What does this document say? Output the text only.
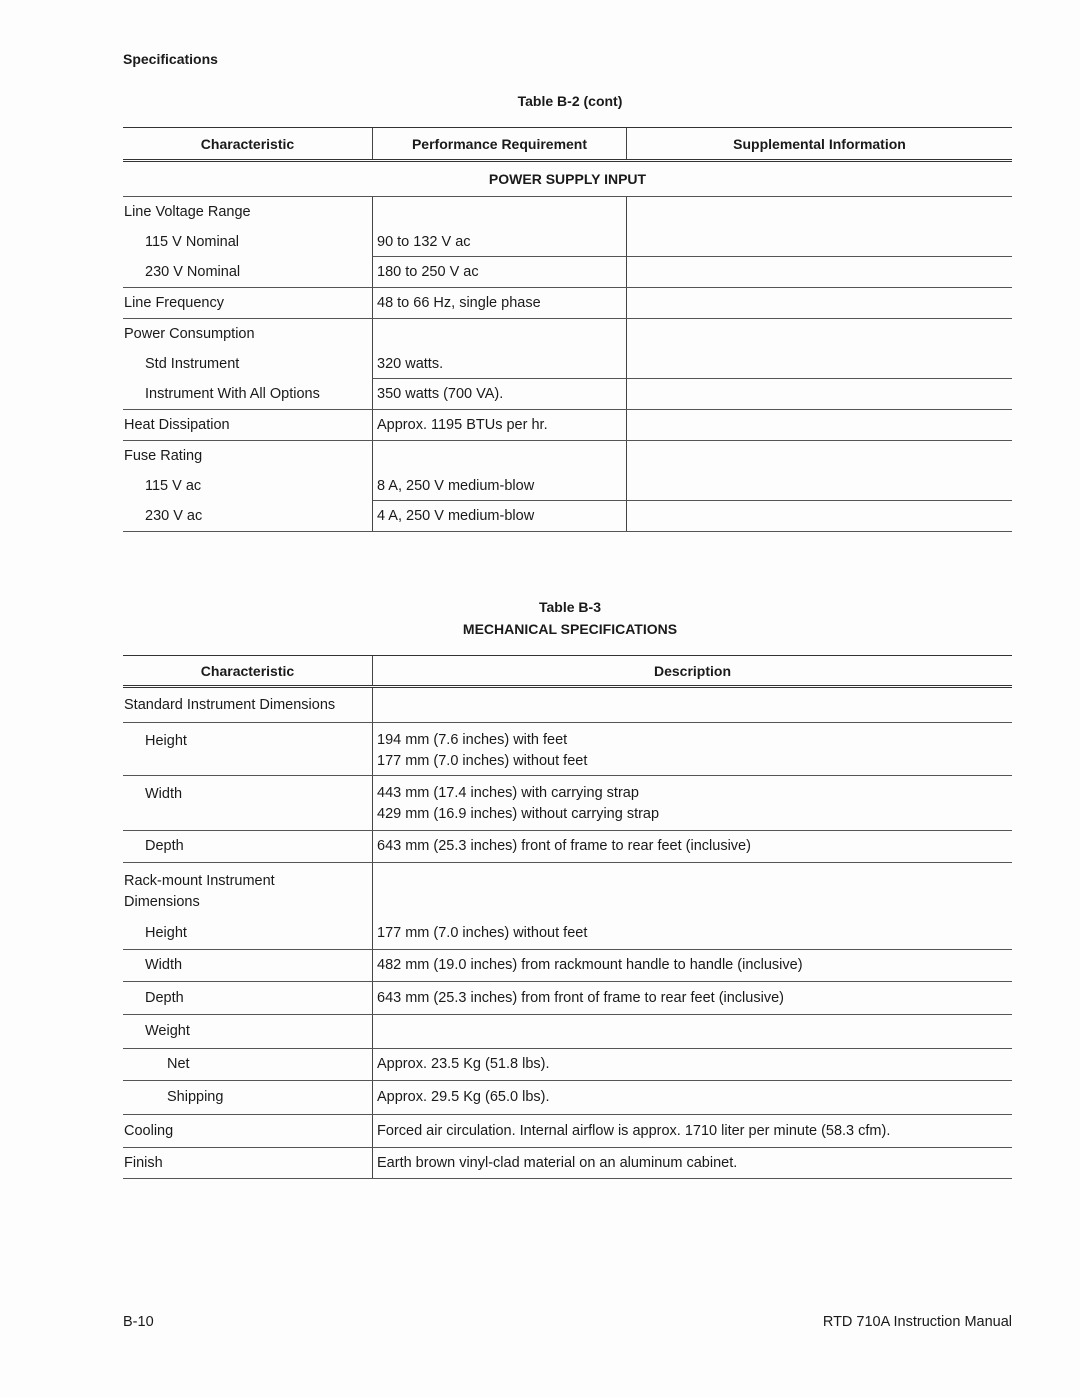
Specifications
Table B-2 (cont)
Characteristic	Performance Requirement	Supplemental Information
POWER SUPPLY INPUT
Line Voltage Range
115 V Nominal	90 to 132 V ac
230 V Nominal	180 to 250 V ac
Line Frequency	48 to 66 Hz, single phase
Power Consumption
Std Instrument	320 watts.
Instrument With All Options	350 watts (700 VA).
Heat Dissipation	Approx. 1195 BTUs per hr.
Fuse Rating
115 V ac	8 A, 250 V medium-blow
230 V ac	4 A, 250 V medium-blow
Table B-3
MECHANICAL SPECIFICATIONS
Characteristic	Description
Standard Instrument Dimensions
Height	194 mm (7.6 inches) with feet
177 mm (7.0 inches) without feet
Width	443 mm (17.4 inches) with carrying strap
429 mm (16.9 inches) without carrying strap
Depth	643 mm (25.3 inches) front of frame to rear feet (inclusive)
Rack-mount Instrument Dimensions
Height	177 mm (7.0 inches) without feet
Width	482 mm (19.0 inches) from rackmount handle to handle (inclusive)
Depth	643 mm (25.3 inches) from front of frame to rear feet (inclusive)
Weight
Net	Approx. 23.5 Kg (51.8 lbs).
Shipping	Approx. 29.5 Kg (65.0 lbs).
Cooling	Forced air circulation. Internal airflow is approx. 1710 liter per minute (58.3 cfm).
Finish	Earth brown vinyl-clad material on an aluminum cabinet.
B-10	RTD 710A Instruction Manual
